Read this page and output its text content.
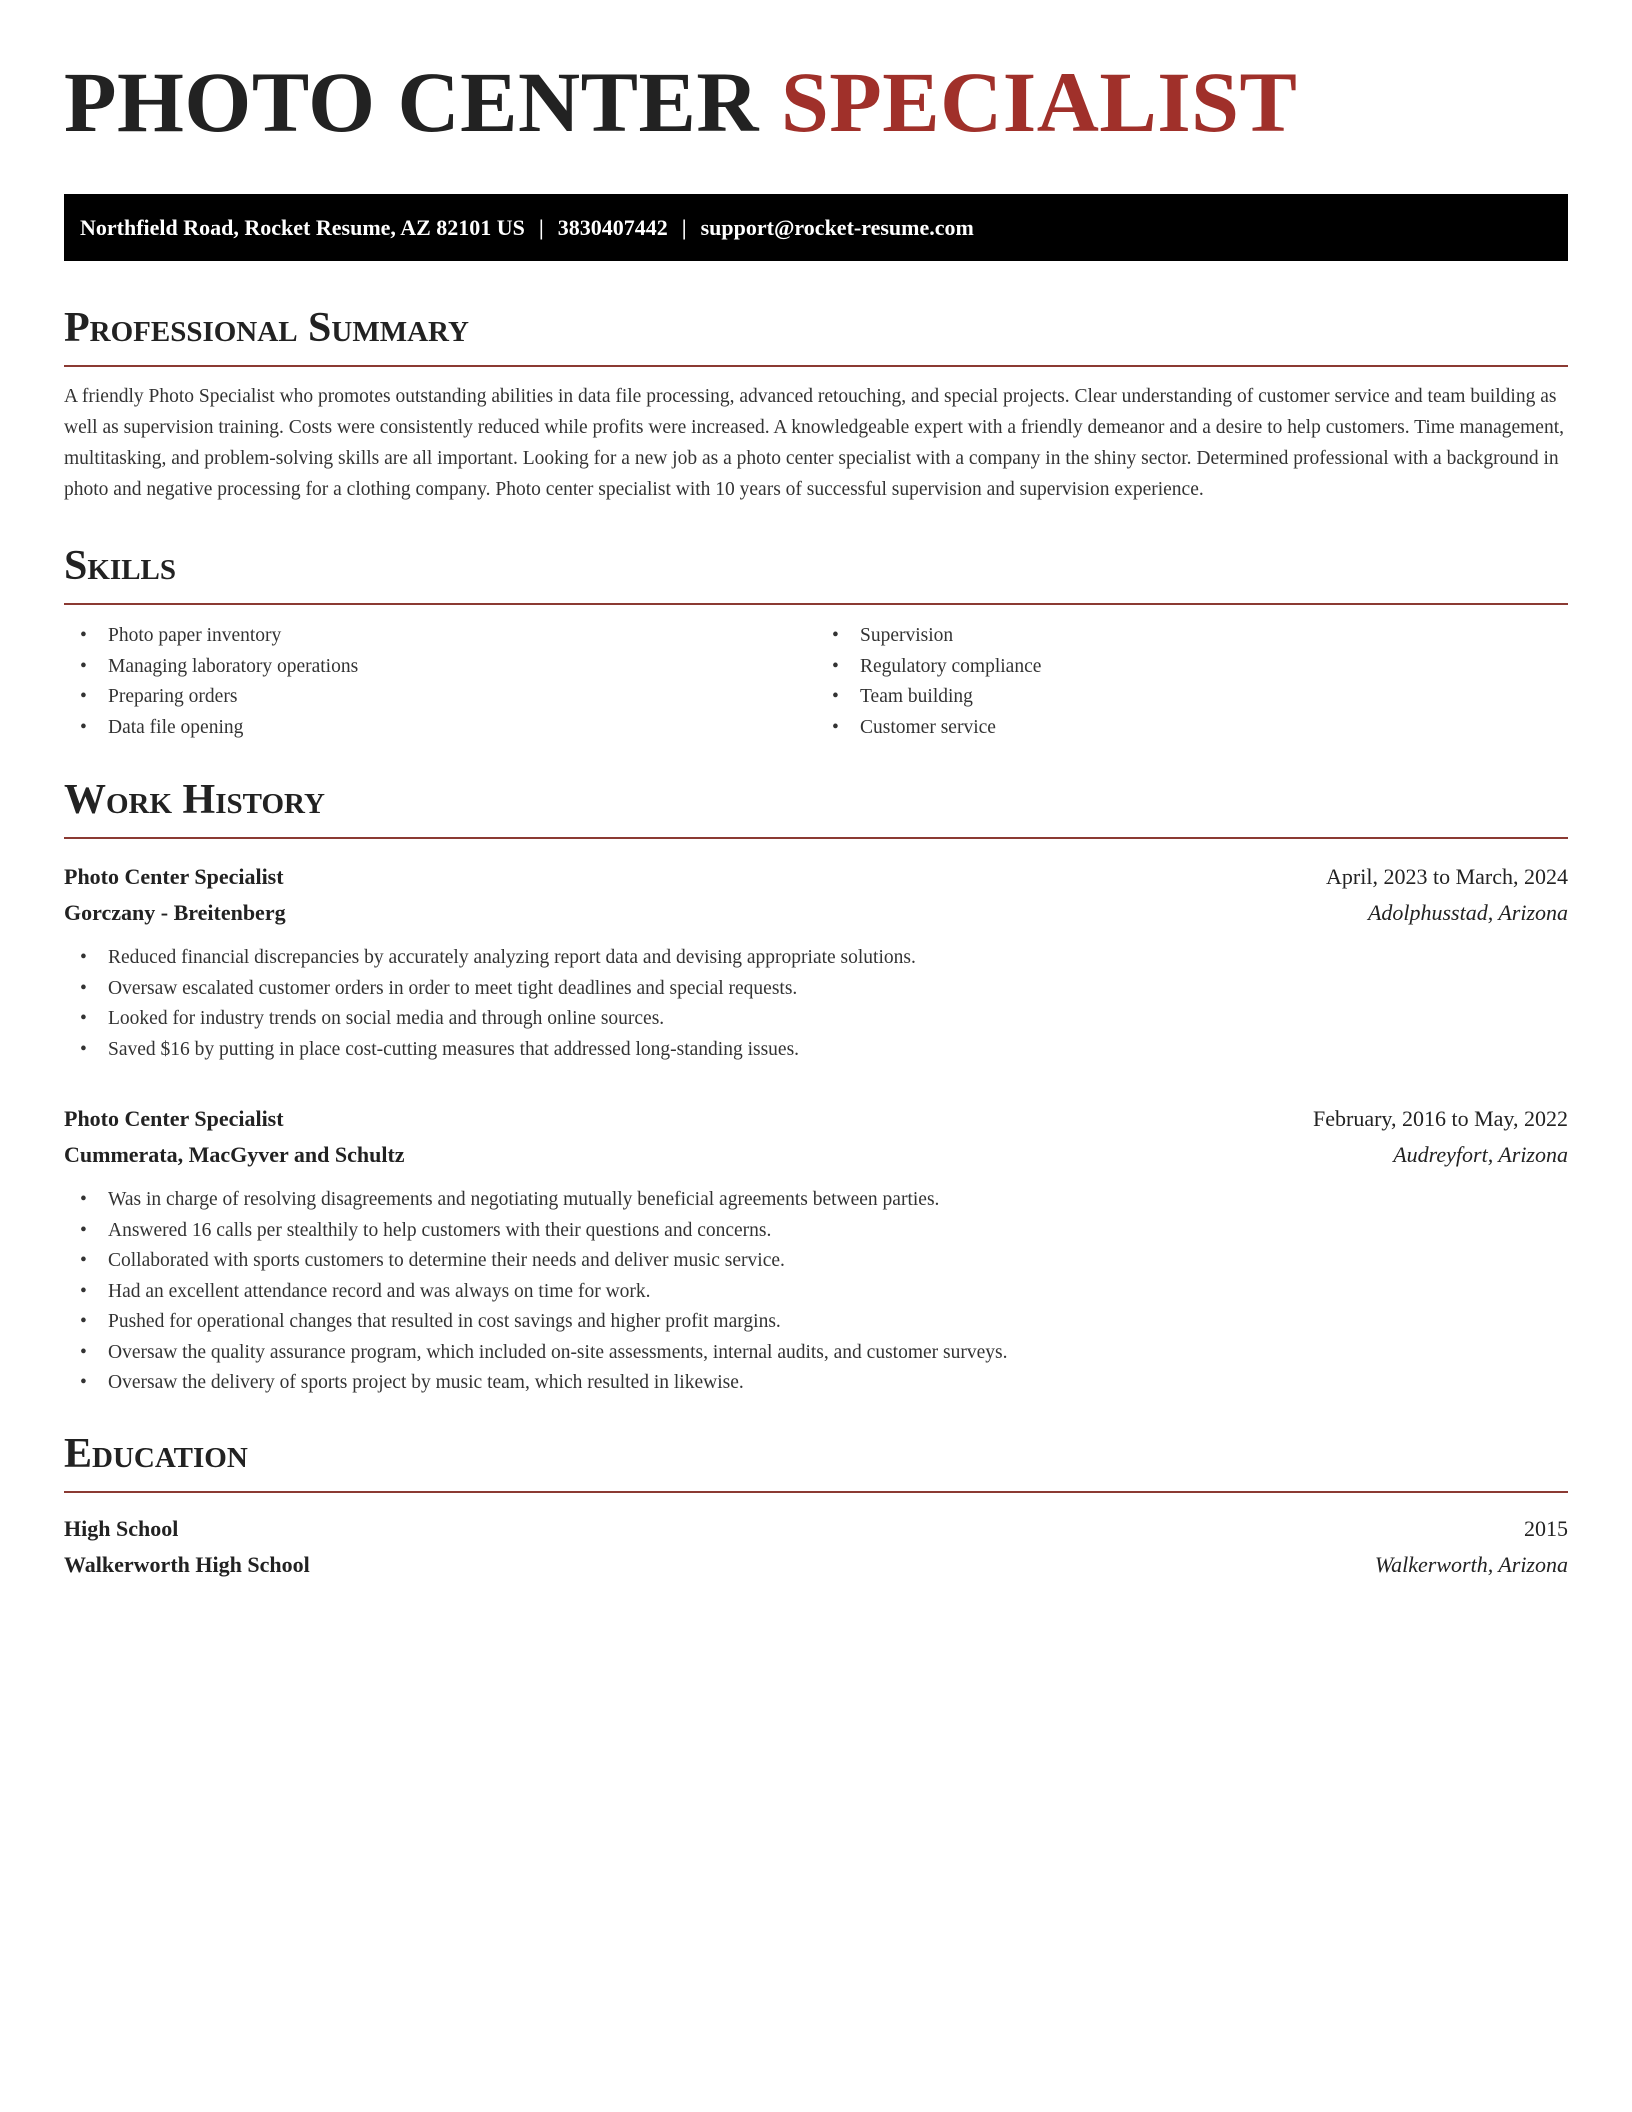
PHOTO CENTER SPECIALIST
Northfield Road, Rocket Resume, AZ 82101 US | 3830407442 | support@rocket-resume.com
Professional Summary

A friendly Photo Specialist who promotes outstanding abilities in data file processing, advanced retouching, and special projects. Clear understanding of customer service and team building as well as supervision training. Costs were consistently reduced while profits were increased. A knowledgeable expert with a friendly demeanor and a desire to help customers. Time management, multitasking, and problem-solving skills are all important. Looking for a new job as a photo center specialist with a company in the shiny sector. Determined professional with a background in photo and negative processing for a clothing company. Photo center specialist with 10 years of successful supervision and supervision experience.

Skills
• Photo paper inventory
• Managing laboratory operations
• Preparing orders
• Data file opening
• Supervision
• Regulatory compliance
• Team building
• Customer service
Work History
Photo Center Specialist	April, 2023 to March, 2024
Gorczany - Breitenberg	Adolphusstad, Arizona
• Reduced financial discrepancies by accurately analyzing report data and devising appropriate solutions.
• Oversaw escalated customer orders in order to meet tight deadlines and special requests.
• Looked for industry trends on social media and through online sources.
• Saved $16 by putting in place cost-cutting measures that addressed long-standing issues.
Photo Center Specialist	February, 2016 to May, 2022
Cummerata, MacGyver and Schultz	Audreyfort, Arizona
• Was in charge of resolving disagreements and negotiating mutually beneficial agreements between parties.
• Answered 16 calls per stealthily to help customers with their questions and concerns.
• Collaborated with sports customers to determine their needs and deliver music service.
• Had an excellent attendance record and was always on time for work.
• Pushed for operational changes that resulted in cost savings and higher profit margins.
• Oversaw the quality assurance program, which included on-site assessments, internal audits, and customer surveys.
• Oversaw the delivery of sports project by music team, which resulted in likewise.
Education
High School	2015
Walkerworth High School	Walkerworth, Arizona
